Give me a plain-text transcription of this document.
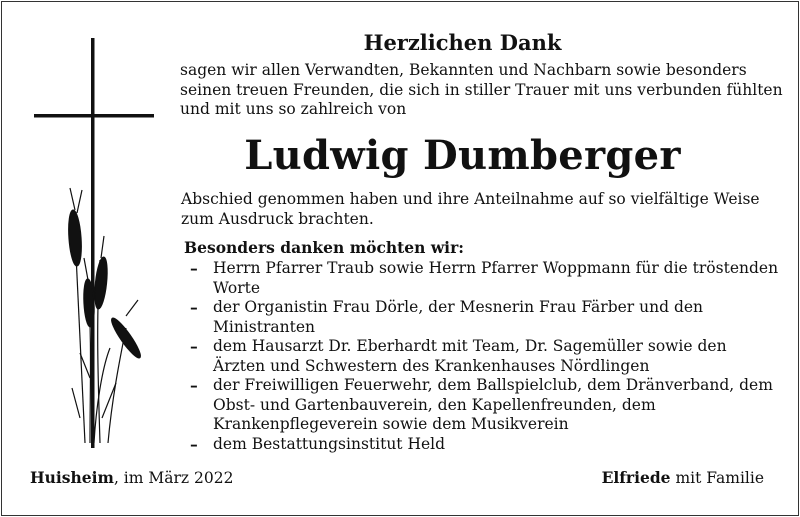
Herzlichen Dank
sagen wir allen Verwandten, Bekannten und Nachbarn sowie besonders
seinen treuen Freunden, die sich in stiller Trauer mit uns verbunden fühlten
und mit uns so zahlreich von
Ludwig Dumberger
Abschied genommen haben und ihre Anteilnahme auf so vielfältige Weise
zum Ausdruck brachten.
Besonders danken möchten wir:
– Herrn Pfarrer Traub sowie Herrn Pfarrer Woppmann für die tröstenden
Worte
– der Organistin Frau Dörle, der Mesnerin Frau Färber und den
Ministranten
– dem Hausarzt Dr. Eberhardt mit Team, Dr. Sagemüller sowie den
Ärzten und Schwestern des Krankenhauses Nördlingen
– der Freiwilligen Feuerwehr, dem Ballspielclub, dem Dränverband, dem
Obst- und Gartenbauverein, den Kapellenfreunden, dem
Krankenpflegeverein sowie dem Musikverein
– dem Bestattungsinstitut Held
Huisheim, im März 2022	Elfriede mit Familie
